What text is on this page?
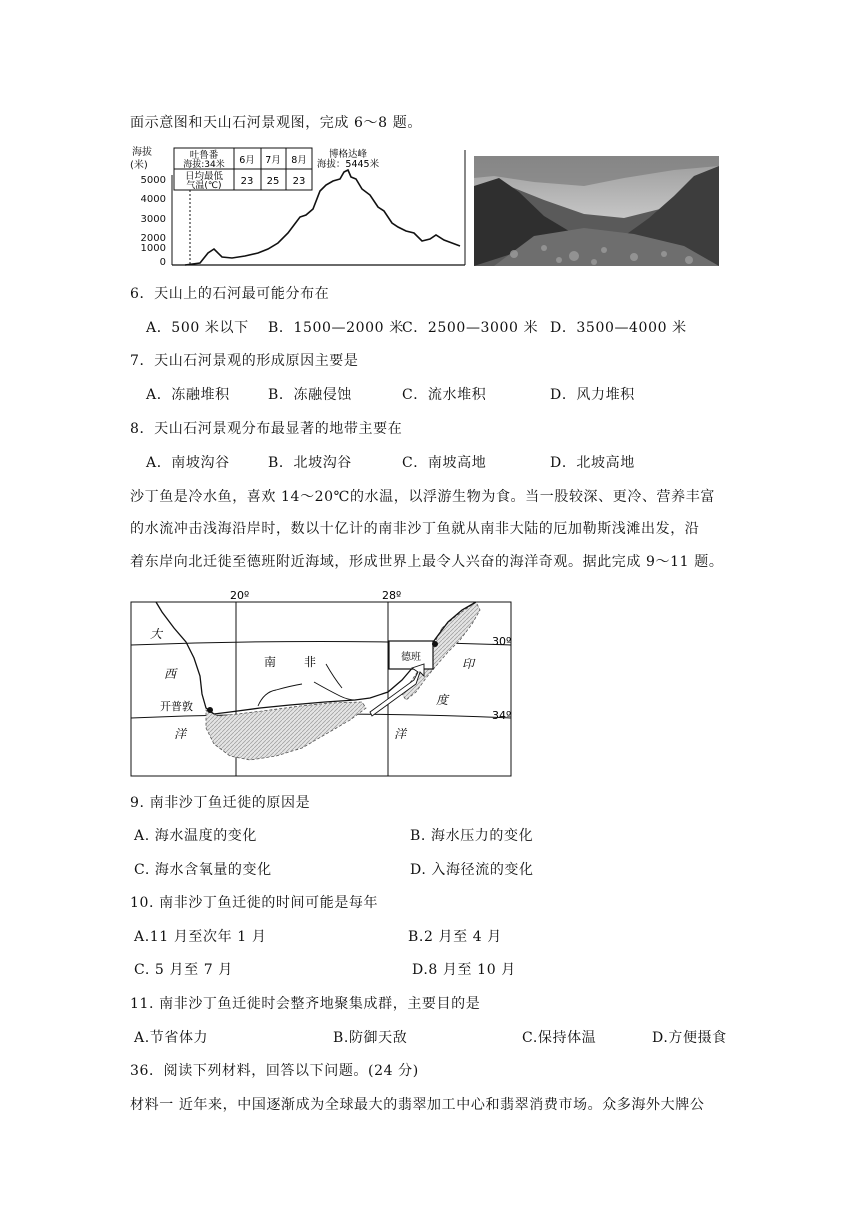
面示意图和天山石河景观图，完成 6～8 题。
海拔
(米)
5000
4000
3000
2000
1000
0
吐鲁番
海拔:34米
日均最低
气温(℃)
6月 7月 8月
23 25 23
博格达峰
海拔：5445米
6．天山上的石河最可能分布在
A．500 米以下 B．1500—2000 米
C．2500—3000 米 D．3500—4000 米
7．天山石河景观的形成原因主要是
A．冻融堆积	B．冻融侵蚀	C．流水堆积	D．风力堆积
8．天山石河景观分布最显著的地带主要在
A．南坡沟谷	B．北坡沟谷	C．南坡高地	D．北坡高地
沙丁鱼是冷水鱼，喜欢 14～20℃的水温，以浮游生物为食。当一股较深、更冷、营养丰富
的水流冲击浅海沿岸时，数以十亿计的南非沙丁鱼就从南非大陆的厄加勒斯浅滩出发，沿
着东岸向北迁徙至德班附近海域，形成世界上最令人兴奋的海洋奇观。据此完成 9～11 题。
20º	28º
30º
34º
德班
开普敦
大
西
洋
印
度
洋
南 非
9. 南非沙丁鱼迁徙的原因是
A. 海水温度的变化	B. 海水压力的变化
C. 海水含氧量的变化	D. 入海径流的变化
10. 南非沙丁鱼迁徙的时间可能是每年
A.11 月至次年 1 月	B.2 月至 4 月
C. 5 月至 7 月	D.8 月至 10 月
11. 南非沙丁鱼迁徙时会整齐地聚集成群，主要目的是
A.节省体力	B.防御天敌	C.保持体温	D.方便摄食
36．阅读下列材料，回答以下问题。(24 分)
材料一 近年来，中国逐渐成为全球最大的翡翠加工中心和翡翠消费市场。众多海外大牌公
